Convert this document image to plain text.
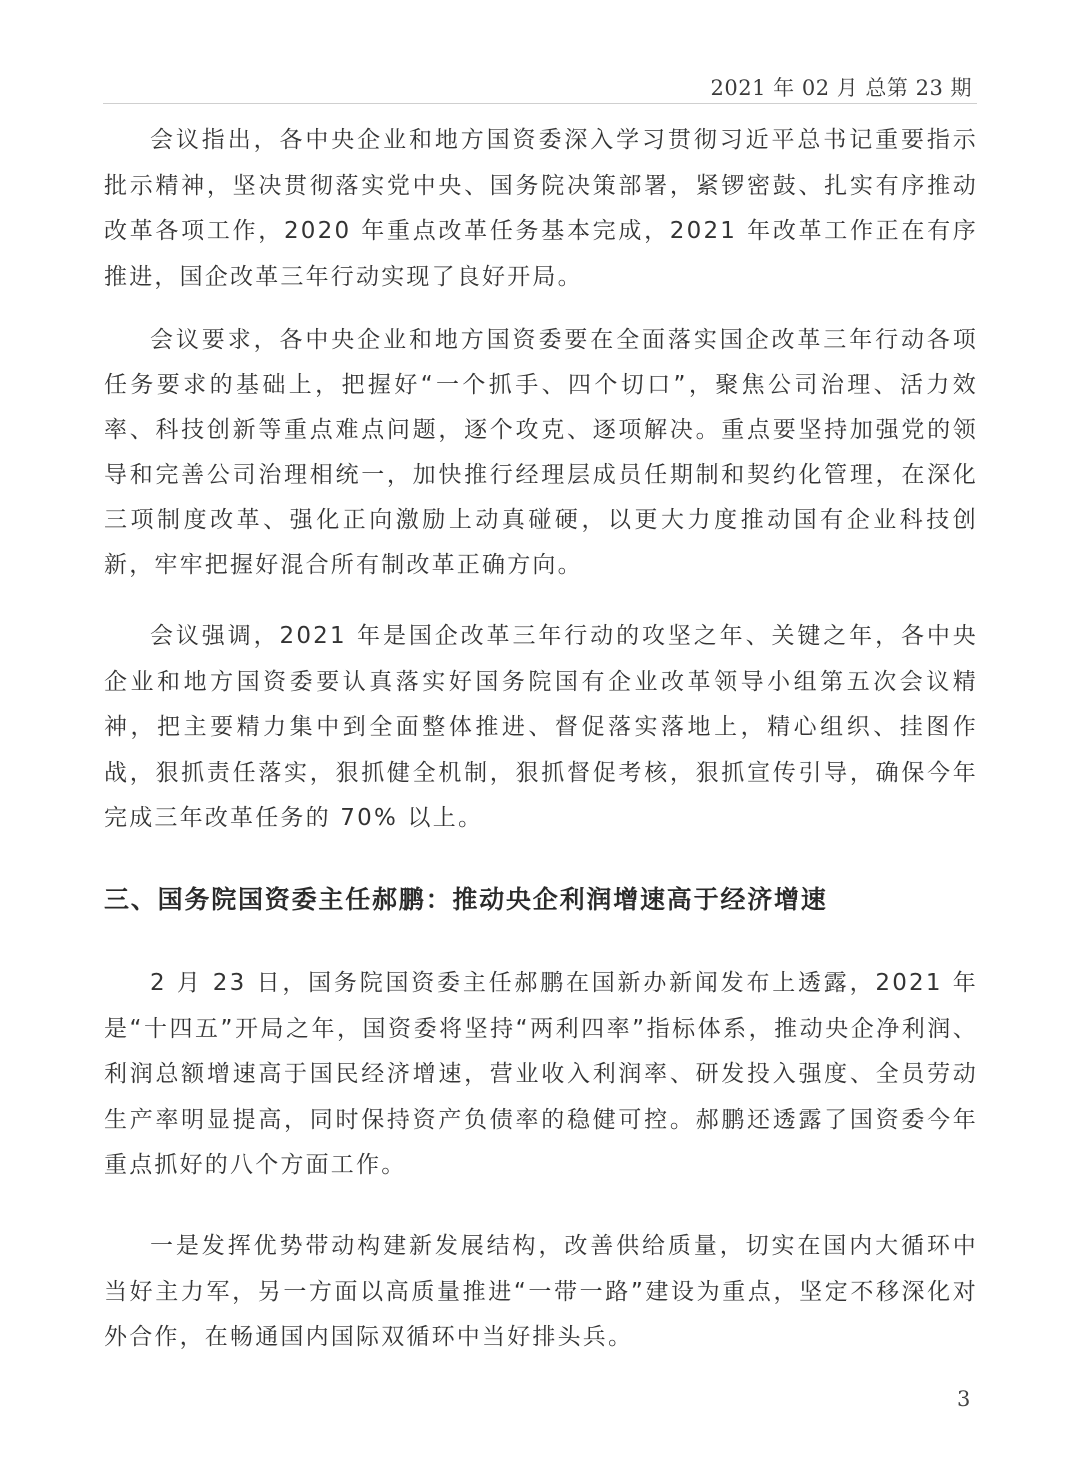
2021 年 02 月 总第 23 期

会议指出，各中央企业和地方国资委深入学习贯彻习近平总书记重要指示批示精神，坚决贯彻落实党中央、国务院决策部署，紧锣密鼓、扎实有序推动改革各项工作，2020 年重点改革任务基本完成，2021 年改革工作正在有序推进，国企改革三年行动实现了良好开局。

会议要求，各中央企业和地方国资委要在全面落实国企改革三年行动各项任务要求的基础上，把握好“一个抓手、四个切口”，聚焦公司治理、活力效率、科技创新等重点难点问题，逐个攻克、逐项解决。重点要坚持加强党的领导和完善公司治理相统一，加快推行经理层成员任期制和契约化管理，在深化三项制度改革、强化正向激励上动真碰硬，以更大力度推动国有企业科技创新，牢牢把握好混合所有制改革正确方向。

会议强调，2021 年是国企改革三年行动的攻坚之年、关键之年，各中央企业和地方国资委要认真落实好国务院国有企业改革领导小组第五次会议精神，把主要精力集中到全面整体推进、督促落实落地上，精心组织、挂图作战，狠抓责任落实，狠抓健全机制，狠抓督促考核，狠抓宣传引导，确保今年完成三年改革任务的 70% 以上。

三、国务院国资委主任郝鹏：推动央企利润增速高于经济增速

2 月 23 日，国务院国资委主任郝鹏在国新办新闻发布上透露，2021 年是“十四五”开局之年，国资委将坚持“两利四率”指标体系，推动央企净利润、利润总额增速高于国民经济增速，营业收入利润率、研发投入强度、全员劳动生产率明显提高，同时保持资产负债率的稳健可控。郝鹏还透露了国资委今年重点抓好的八个方面工作。

一是发挥优势带动构建新发展结构，改善供给质量，切实在国内大循环中当好主力军，另一方面以高质量推进“一带一路”建设为重点，坚定不移深化对外合作，在畅通国内国际双循环中当好排头兵。

3
